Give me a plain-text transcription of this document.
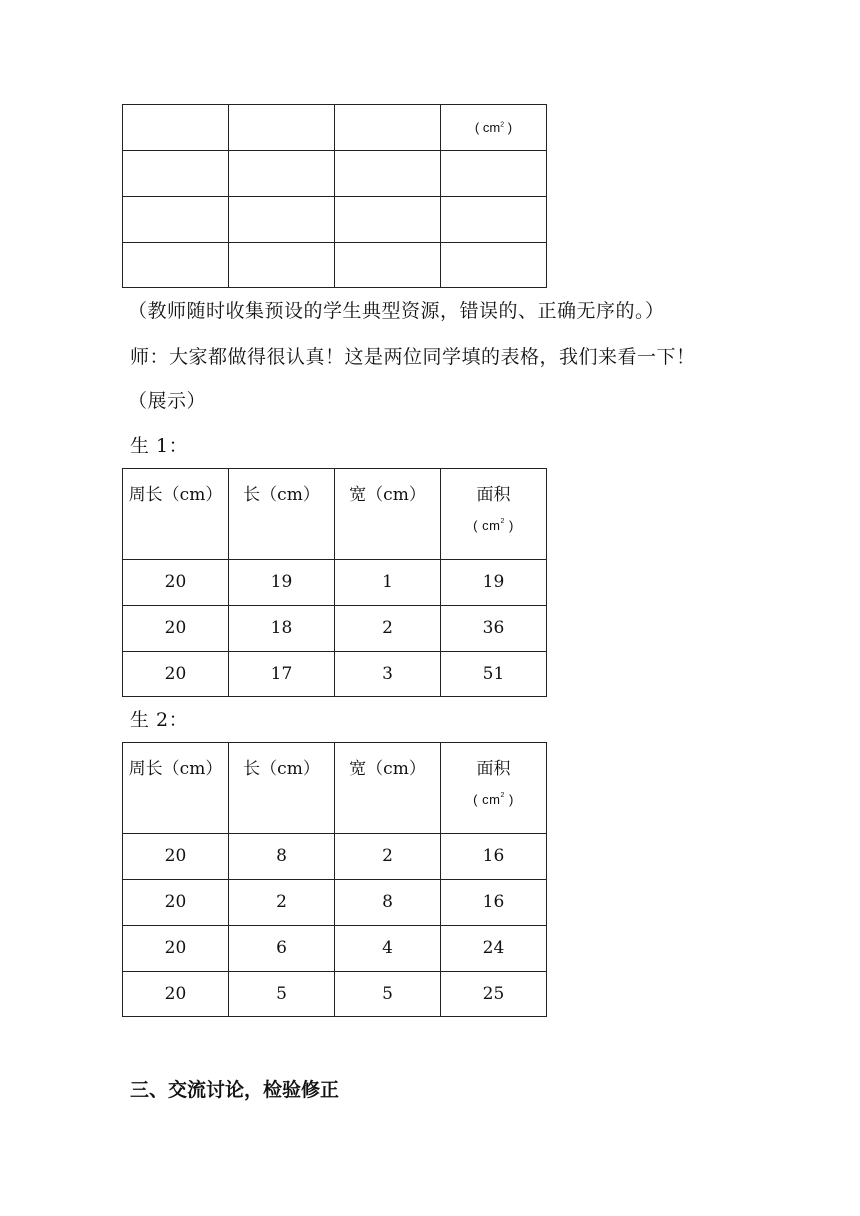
			( $cm^2$ )

（教师随时收集预设的学生典型资源，错误的、正确无序的。）
师：大家都做得很认真！这是两位同学填的表格，我们来看一下！
（展示）
生 1：
周长（cm）	长（cm）	宽（cm）	面积
( $cm^2$ )

20	19	1	19
20	18	2	36
20	17	3	51
生 2：
周长（cm）	长（cm）	宽（cm）	面积
( $cm^2$ )

20	8	2	16
20	2	8	16
20	6	4	24
20	5	5	25
三、交流讨论，检验修正
